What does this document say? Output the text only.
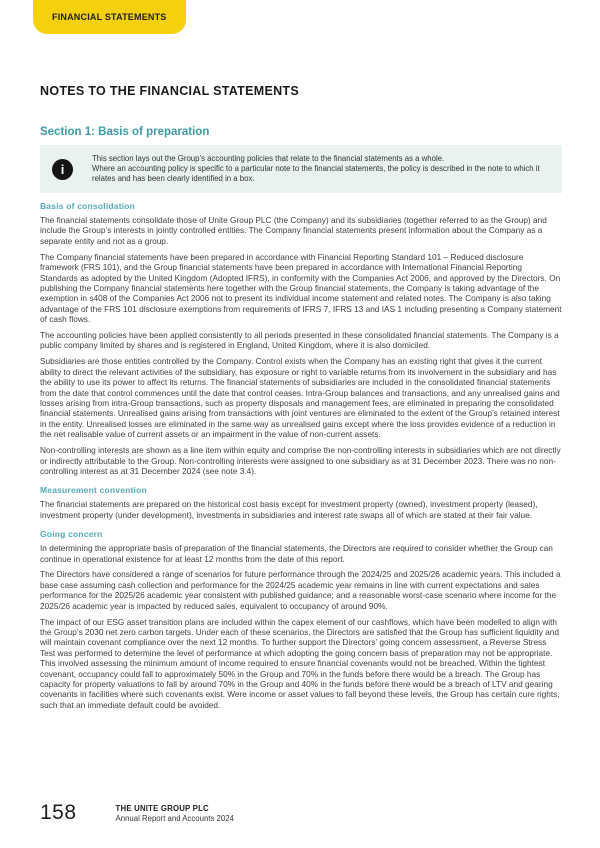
FINANCIAL STATEMENTS
NOTES TO THE FINANCIAL STATEMENTS
Section 1: Basis of preparation
i
This section lays out the Group’s accounting policies that relate to the financial statements as a whole.
Where an accounting policy is specific to a particular note to the financial statements, the policy is described in the note to which it relates and has been clearly identified in a box.
Basis of consolidation

The financial statements consolidate those of Unite Group PLC (the Company) and its subsidiaries (together referred to as the Group) and include the Group’s interests in jointly controlled entities. The Company financial statements present information about the Company as a separate entity and not as a group.

The Company financial statements have been prepared in accordance with Financial Reporting Standard 101 – Reduced disclosure framework (FRS 101), and the Group financial statements have been prepared in accordance with International Financial Reporting Standards as adopted by the United Kingdom (Adopted IFRS), in conformity with the Companies Act 2006, and approved by the Directors. On publishing the Company financial statements here together with the Group financial statements, the Company is taking advantage of the exemption in s408 of the Companies Act 2006 not to present its individual income statement and related notes. The Company is also taking advantage of the FRS 101 disclosure exemptions from requirements of IFRS 7, IFRS 13 and IAS 1 including presenting a Company statement of cash flows.

The accounting policies have been applied consistently to all periods presented in these consolidated financial statements. The Company is a public company limited by shares and is registered in England, United Kingdom, where it is also domiciled.

Subsidiaries are those entities controlled by the Company. Control exists when the Company has an existing right that gives it the current ability to direct the relevant activities of the subsidiary, has exposure or right to variable returns from its involvement in the subsidiary and has the ability to use its power to affect its returns. The financial statements of subsidiaries are included in the consolidated financial statements from the date that control commences until the date that control ceases. Intra-Group balances and transactions, and any unrealised gains and losses arising from intra-Group transactions, such as property disposals and management fees, are eliminated in preparing the consolidated financial statements. Unrealised gains arising from transactions with joint ventures are eliminated to the extent of the Group’s retained interest in the entity. Unrealised losses are eliminated in the same way as unrealised gains except where the loss provides evidence of a reduction in the net realisable value of current assets or an impairment in the value of non-current assets.

Non-controlling interests are shown as a line item within equity and comprise the non-controlling interests in subsidiaries which are not directly or indirectly attributable to the Group. Non-controlling interests were assigned to one subsidiary as at 31 December 2023. There was no non-controlling interest as at 31 December 2024 (see note 3.4).

Measurement convention

The financial statements are prepared on the historical cost basis except for investment property (owned), investment property (leased), investment property (under development), investments in subsidiaries and interest rate swaps all of which are stated at their fair value.

Going concern

In determining the appropriate basis of preparation of the financial statements, the Directors are required to consider whether the Group can continue in operational existence for at least 12 months from the date of this report.

The Directors have considered a range of scenarios for future performance through the 2024/25 and 2025/26 academic years. This included a base case assuming cash collection and performance for the 2024/25 academic year remains in line with current expectations and sales performance for the 2025/26 academic year consistent with published guidance; and a reasonable worst-case scenario where income for the 2025/26 academic year is impacted by reduced sales, equivalent to occupancy of around 90%.

The impact of our ESG asset transition plans are included within the capex element of our cashflows, which have been modelled to align with the Group’s 2030 net zero carbon targets. Under each of these scenarios, the Directors are satisfied that the Group has sufficient liquidity and will maintain covenant compliance over the next 12 months. To further support the Directors’ going concern assessment, a Reverse Stress Test was performed to determine the level of performance at which adopting the going concern basis of preparation may not be appropriate. This involved assessing the minimum amount of income required to ensure financial covenants would not be breached. Within the tightest covenant, occupancy could fall to approximately 50% in the Group and 70% in the funds before there would be a breach. The Group has capacity for property valuations to fall by around 70% in the Group and 40% in the funds before there would be a breach of LTV and gearing covenants in facilities where such covenants exist. Were income or asset values to fall beyond these levels, the Group has certain cure rights, such that an immediate default could be avoided.

158	THE UNITE GROUP PLC
Annual Report and Accounts 2024
